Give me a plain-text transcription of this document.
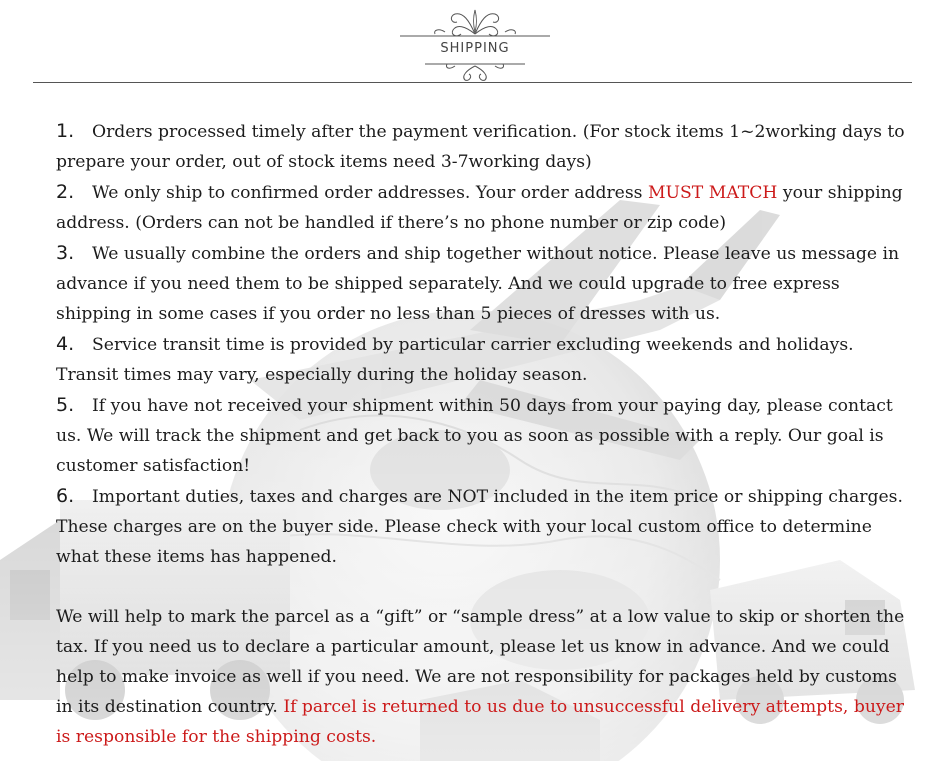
SHIPPING

1. Orders processed timely after the payment verification. (For stock items 1~2working days to prepare your order, out of stock items need 3-7working days)

2. We only ship to confirmed order addresses. Your order address MUST MATCH your shipping address. (Orders can not be handled if there’s no phone number or zip code)

3. We usually combine the orders and ship together without notice. Please leave us message in advance if you need them to be shipped separately. And we could upgrade to free express shipping in some cases if you order no less than 5 pieces of dresses with us.

4. Service transit time is provided by particular carrier excluding weekends and holidays. Transit times may vary, especially during the holiday season.

5. If you have not received your shipment within 50 days from your paying day, please contact us. We will track the shipment and get back to you as soon as possible with a reply. Our goal is customer satisfaction!

6. Important duties, taxes and charges are NOT included in the item price or shipping charges. These charges are on the buyer side. Please check with your local custom office to determine what these items has happened.

We will help to mark the parcel as a “gift” or “sample dress” at a low value to skip or shorten the tax. If you need us to declare a particular amount, please let us know in advance. And we could help to make invoice as well if you need. We are not responsibility for packages held by customs in its destination country. If parcel is returned to us due to unsuccessful delivery attempts, buyer is responsible for the shipping costs.
